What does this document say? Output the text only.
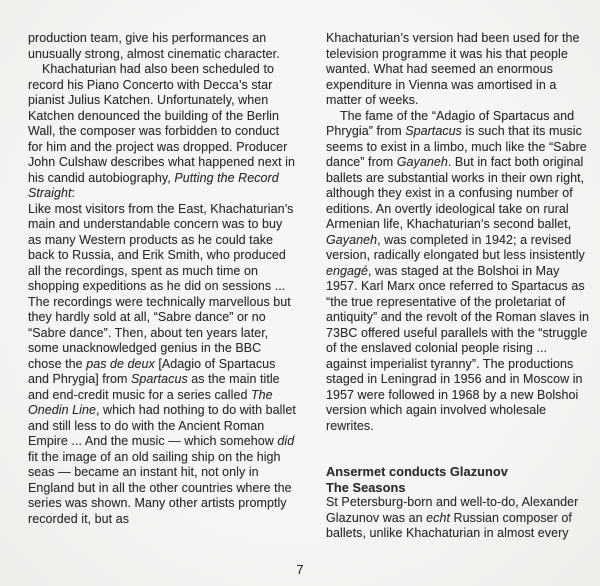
production team, give his performances an unusually strong, almost cinematic character.

Khachaturian had also been scheduled to record his Piano Concerto with Decca’s star pianist Julius Katchen. Unfortunately, when Katchen denounced the building of the Berlin Wall, the composer was forbidden to conduct for him and the project was dropped. Producer John Culshaw describes what happened next in his candid autobiography, Putting the Record Straight:

Like most visitors from the East, Khachaturian’s main and understandable concern was to buy as many Western products as he could take back to Russia, and Erik Smith, who produced all the recordings, spent as much time on shopping expeditions as he did on sessions ... The recordings were technically marvellous but they hardly sold at all, “Sabre dance” or no “Sabre dance”. Then, about ten years later, some unacknowledged genius in the BBC chose the pas de deux [Adagio of Spartacus and Phrygia] from Spartacus as the main title and end-credit music for a series called The Onedin Line, which had nothing to do with ballet and still less to do with the Ancient Roman Empire ... And the music — which somehow did fit the image of an old sailing ship on the high seas — became an instant hit, not only in England but in all the other countries where the series was shown. Many other artists promptly recorded it, but as

Khachaturian’s version had been used for the television programme it was his that people wanted. What had seemed an enormous expenditure in Vienna was amortised in a matter of weeks.

The fame of the “Adagio of Spartacus and Phrygia” from Spartacus is such that its music seems to exist in a limbo, much like the “Sabre dance” from Gayaneh. But in fact both original ballets are substantial works in their own right, although they exist in a confusing number of editions. An overtly ideological take on rural Armenian life, Khachaturian’s second ballet, Gayaneh, was completed in 1942; a revised version, radically elongated but less insistently engagé, was staged at the Bolshoi in May 1957. Karl Marx once referred to Spartacus as “the true representative of the proletariat of antiquity” and the revolt of the Roman slaves in 73BC offered useful parallels with the “struggle of the enslaved colonial people rising ... against imperialist tyranny”. The productions staged in Leningrad in 1956 and in Moscow in 1957 were followed in 1968 by a new Bolshoi version which again involved wholesale rewrites.

Ansermet conducts Glazunov
The Seasons

St Petersburg-born and well-to-do, Alexander Glazunov was an echt Russian composer of ballets, unlike Khachaturian in almost every

7
